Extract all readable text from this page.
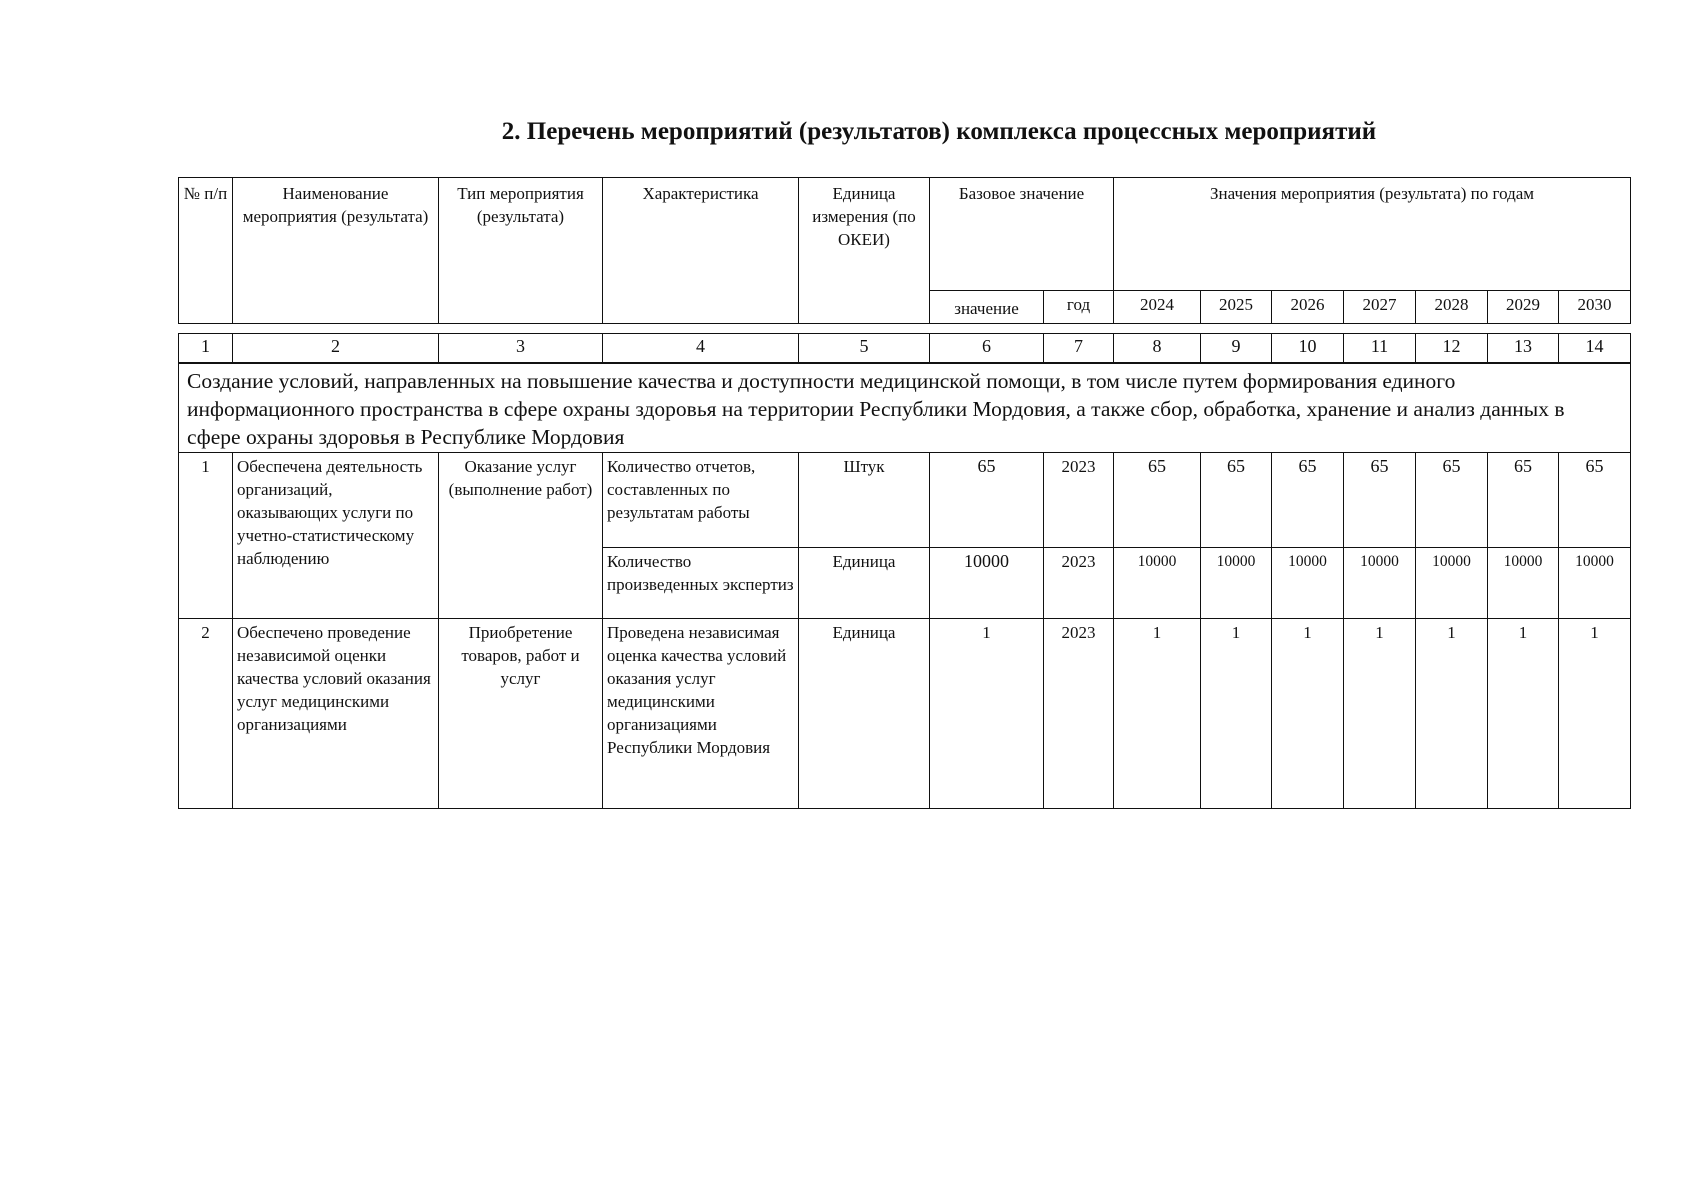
2. Перечень мероприятий (результатов) комплекса процессных мероприятий
№ п/п	Наименование мероприятия (результата)	Тип мероприятия (результата)	Характеристика	Единица измерения (по ОКЕИ)	Базовое значение		Значения мероприятия (результата) по годам						
					значение	год	2024	2025	2026	2027	2028	2029	2030
1	2	3	4	5	6	7	8	9	10	11	12	13	14
Создание условий, направленных на повышение качества и доступности медицинской помощи, в том числе путем формирования единого информационного пространства в сфере охраны здоровья на территории Республики Мордовия, а также сбор, обработка, хранение и анализ данных в сфере охраны здоровья в Республике Мордовия													
1	Обеспечена деятельность организаций, оказывающих услуги по учетно-статистическому наблюдению	Оказание услуг (выполнение работ)	Количество отчетов, составленных по результатам работы	Штук	65	2023	65	65	65	65	65	65	65
			Количество произведенных экспертиз	Единица	10000	2023	10000	10000	10000	10000	10000	10000	10000
2	Обеспечено проведение независимой оценки качества условий оказания услуг медицинскими организациями	Приобретение товаров, работ и услуг	Проведена независимая оценка качества условий оказания услуг медицинскими организациями Республики Мордовия	Единица	1	2023	1	1	1	1	1	1	1
